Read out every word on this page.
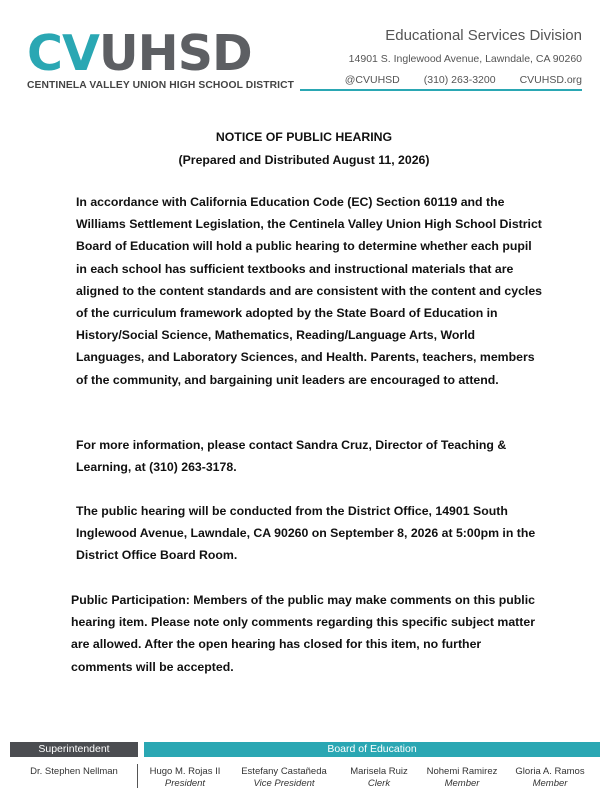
CV UHSD
CENTINELA VALLEY UNION HIGH SCHOOL DISTRICT
Educational Services Division
14901 S. Inglewood Avenue, Lawndale, CA 90260
@CVUHSD (310) 263-3200 CVUHSD.org
NOTICE OF PUBLIC HEARING
(Prepared and Distributed August 11, 2026)
In accordance with California Education Code (EC) Section 60119 and the Williams Settlement Legislation, the Centinela Valley Union High School District Board of Education will hold a public hearing to determine whether each pupil in each school has sufficient textbooks and instructional materials that are aligned to the content standards and are consistent with the content and cycles of the curriculum framework adopted by the State Board of Education in History/Social Science, Mathematics, Reading/Language Arts, World Languages, and Laboratory Sciences, and Health. Parents, teachers, members of the community, and bargaining unit leaders are encouraged to attend.
For more information, please contact Sandra Cruz, Director of Teaching & Learning, at (310) 263-3178.
The public hearing will be conducted from the District Office, 14901 South Inglewood Avenue, Lawndale, CA 90260 on September 8, 2026 at 5:00pm in the District Office Board Room.
Public Participation: Members of the public may make comments on this public hearing item. Please note only comments regarding this specific subject matter are allowed. After the open hearing has closed for this item, no further comments will be accepted.
Superintendent	Board of Education
Dr. Stephen Nellman	Hugo M. Rojas II
President
Estefany Castañeda
Vice President
Marisela Ruiz
Clerk
Nohemi Ramirez
Member
Gloria A. Ramos
Member
